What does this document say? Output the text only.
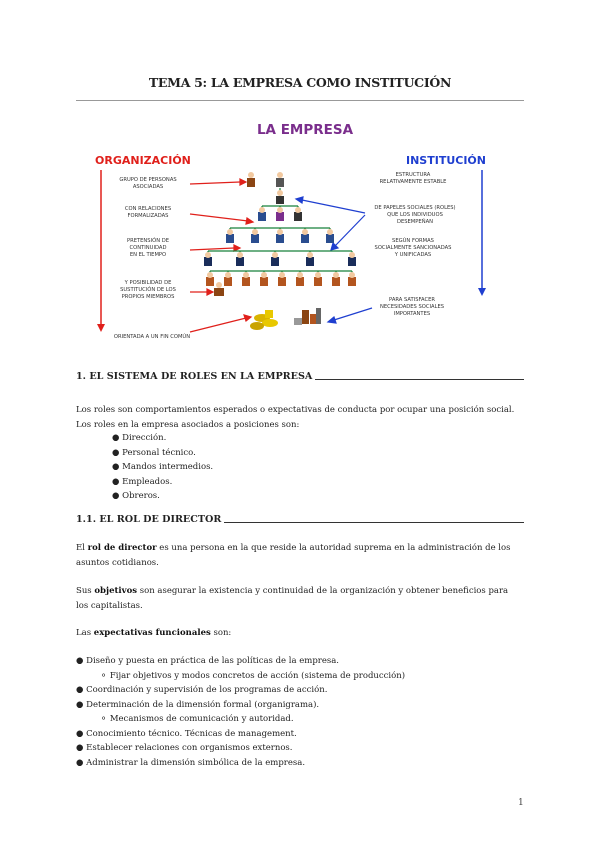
TEMA 5: LA EMPRESA COMO INSTITUCIÓN
LA EMPRESA
ORGANIZACIÓN	INSTITUCIÓN
GRUPO DE PERSONAS
ASOCIADAS
CON RELACIONES
FORMALIZADAS
PRETENSIÓN DE
CONTINUIDAD
EN EL TIEMPO
Y POSIBILIDAD DE
SUSTITUCIÓN DE LOS
PROPIOS MIEMBROS
ORIENTADA A UN FIN COMÚN
ESTRUCTURA
RELATIVAMENTE ESTABLE
DE PAPELES SOCIALES (ROLES)
QUE LOS INDIVIDUOS
DESEMPEÑAN
SEGÚN FORMAS
SOCIALMENTE SANCIONADAS
Y UNIFICADAS
PARA SATISFACER
NECESIDADES SOCIALES
IMPORTANTES
1. EL SISTEMA DE ROLES EN LA EMPRESA
Los roles son comportamientos esperados o expectativas de conducta por ocupar una posición social.
Los roles en la empresa asociados a posiciones son:
● Dirección.
● Personal técnico.
● Mandos intermedios.
● Empleados.
● Obreros.
1.1. EL ROL DE DIRECTOR
El rol de director es una persona en la que reside la autoridad suprema en la administración de los
asuntos cotidianos.
Sus objetivos son asegurar la existencia y continuidad de la organización y obtener beneficios para
los capitalistas.
Las expectativas funcionales son:
● Diseño y puesta en práctica de las políticas de la empresa.
⚬ Fijar objetivos y modos concretos de acción (sistema de producción)
● Coordinación y supervisión de los programas de acción.
● Determinación de la dimensión formal (organigrama).
⚬ Mecanismos de comunicación y autoridad.
● Conocimiento técnico. Técnicas de management.
● Establecer relaciones con organismos externos.
● Administrar la dimensión simbólica de la empresa.
1
